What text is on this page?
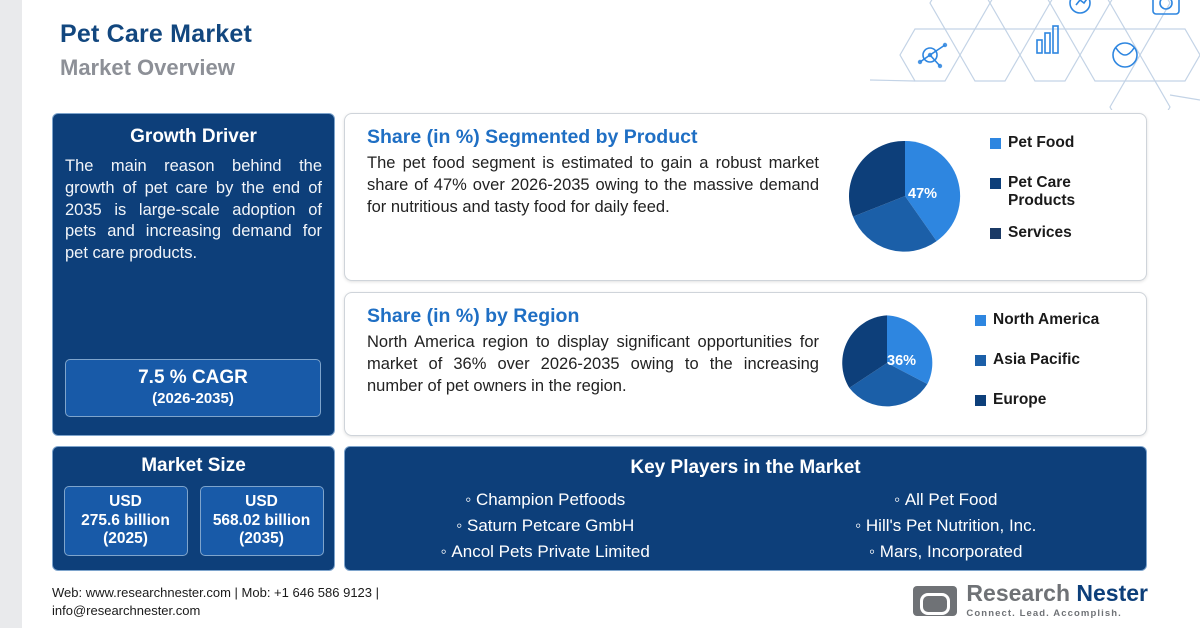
Pet Care Market
Market Overview
Growth Driver
The main reason behind the growth of pet care by the end of 2035 is large-scale adoption of pets and increasing demand for pet care products.
7.5 % CAGR
(2026-2035)
Market Size
USD
275.6 billion
(2025)
USD
568.02 billion
(2035)
Share (in %) Segmented by Product
The pet food segment is estimated to gain a robust market share of 47% over 2026-2035 owing to the massive demand for nutritious and tasty food for daily feed.
47%
Pet Food
Pet Care Products
Services
Share (in %) by Region
North America region to display significant opportunities for market of 36% over 2026-2035 owing to the increasing number of pet owners in the region.
36%
North America
Asia Pacific
Europe
Key Players in the Market
◦ Champion Petfoods
◦ Saturn Petcare GmbH
◦ Ancol Pets Private Limited
◦ All Pet Food
◦ Hill's Pet Nutrition, Inc.
◦ Mars, Incorporated
Web: www.researchnester.com | Mob: +1 646 586 9123 |
info@researchnester.com
Research Nester
Connect. Lead. Accomplish.
